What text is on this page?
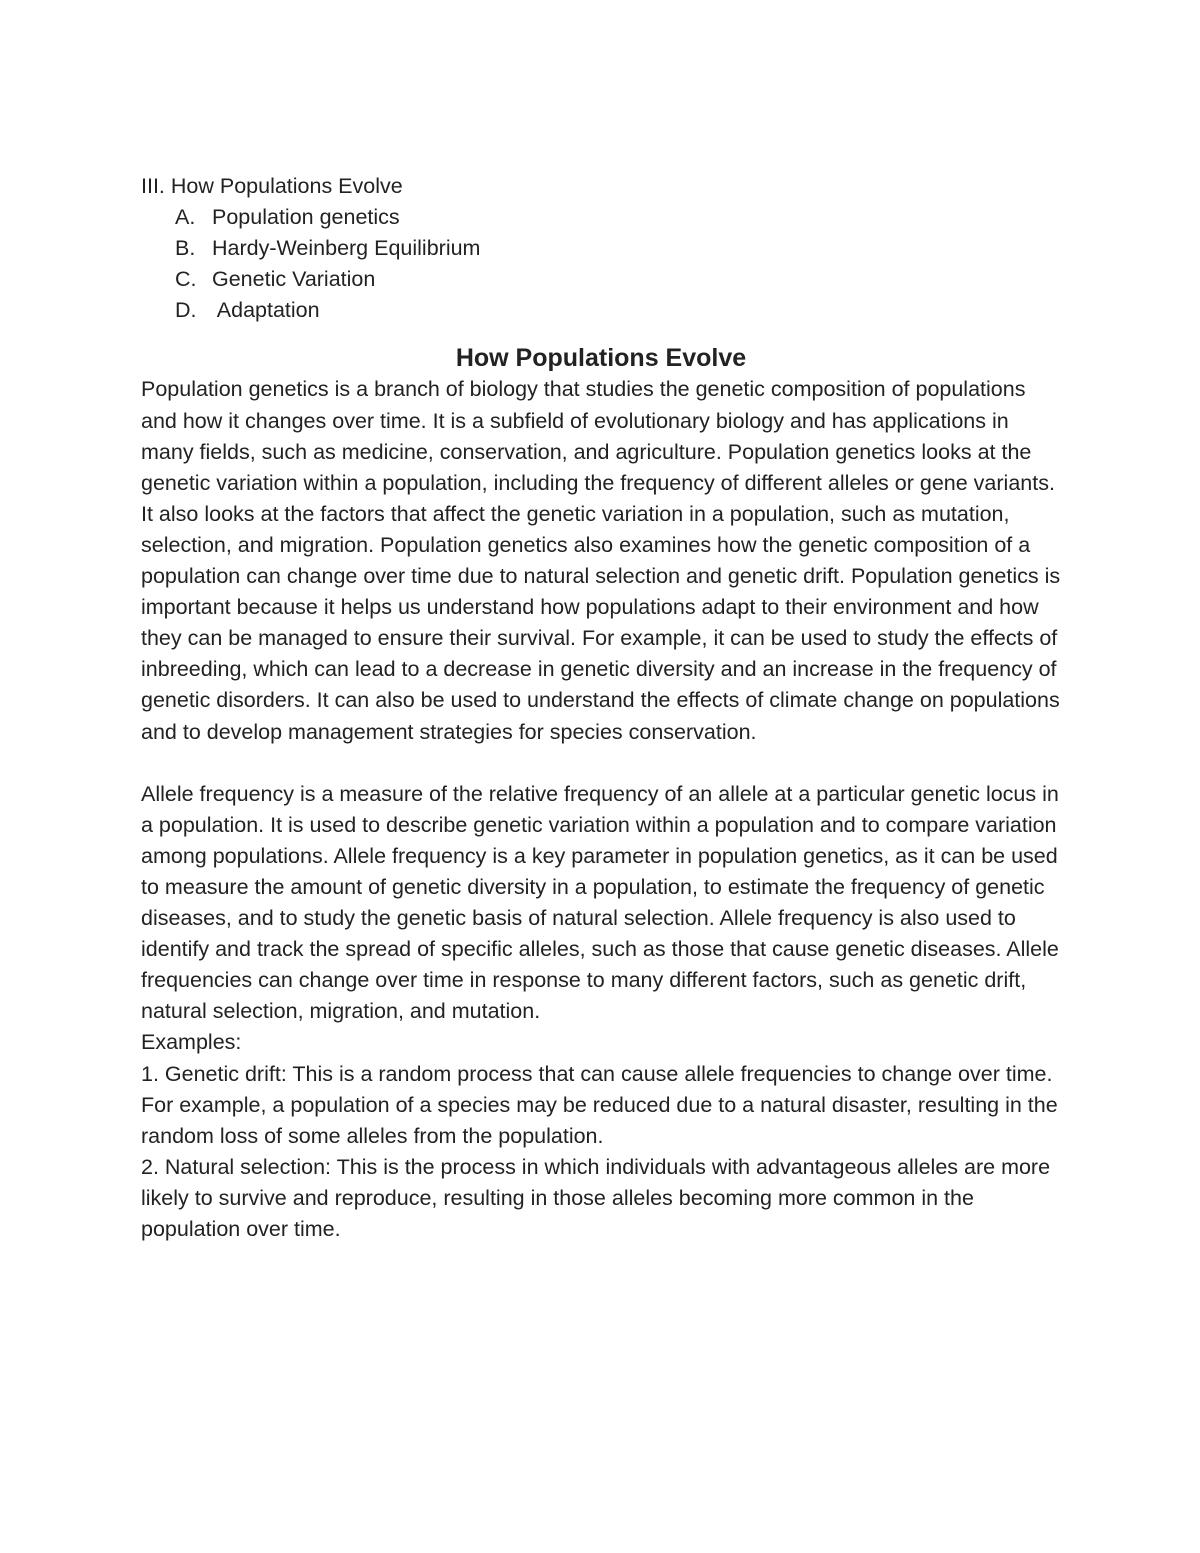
III. How Populations Evolve

A. Population genetics
B. Hardy-Weinberg Equilibrium
C. Genetic Variation
D. Adaptation
How Populations Evolve

Population genetics is a branch of biology that studies the genetic composition of populations and how it changes over time. It is a subfield of evolutionary biology and has applications in many fields, such as medicine, conservation, and agriculture. Population genetics looks at the genetic variation within a population, including the frequency of different alleles or gene variants. It also looks at the factors that affect the genetic variation in a population, such as mutation, selection, and migration. Population genetics also examines how the genetic composition of a population can change over time due to natural selection and genetic drift. Population genetics is important because it helps us understand how populations adapt to their environment and how they can be managed to ensure their survival. For example, it can be used to study the effects of inbreeding, which can lead to a decrease in genetic diversity and an increase in the frequency of genetic disorders. It can also be used to understand the effects of climate change on populations and to develop management strategies for species conservation.

Allele frequency is a measure of the relative frequency of an allele at a particular genetic locus in a population. It is used to describe genetic variation within a population and to compare variation among populations. Allele frequency is a key parameter in population genetics, as it can be used to measure the amount of genetic diversity in a population, to estimate the frequency of genetic diseases, and to study the genetic basis of natural selection. Allele frequency is also used to identify and track the spread of specific alleles, such as those that cause genetic diseases. Allele frequencies can change over time in response to many different factors, such as genetic drift, natural selection, migration, and mutation.

Examples:

1. Genetic drift: This is a random process that can cause allele frequencies to change over time. For example, a population of a species may be reduced due to a natural disaster, resulting in the random loss of some alleles from the population.

2. Natural selection: This is the process in which individuals with advantageous alleles are more likely to survive and reproduce, resulting in those alleles becoming more common in the population over time.
